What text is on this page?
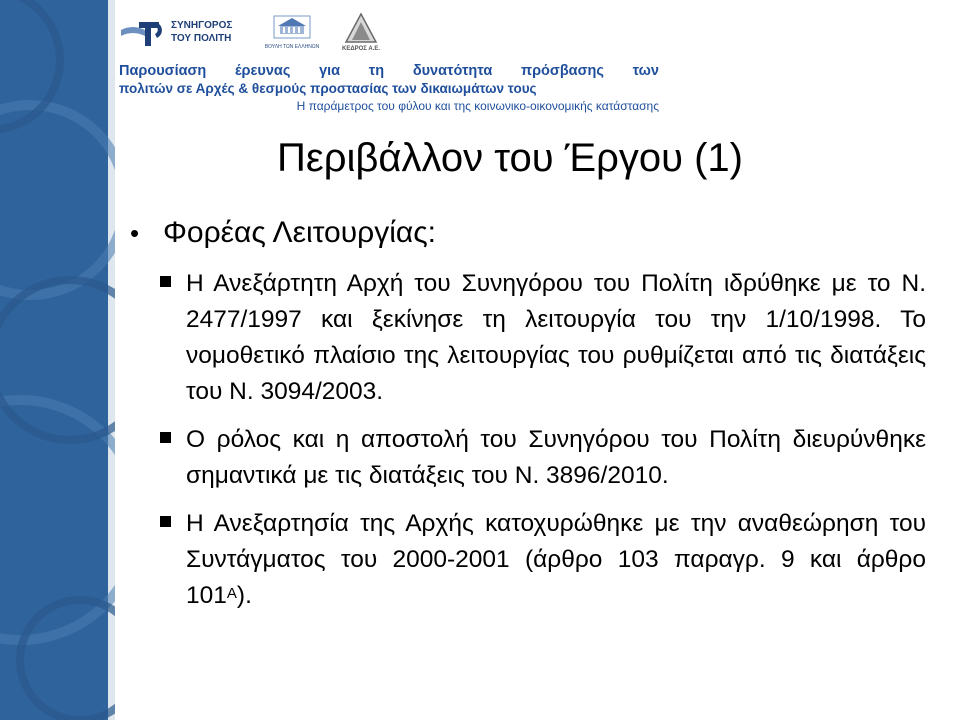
ΣΥΝΗΓΟΡΟΣ
ΤΟΥ ΠΟΛΙΤΗ
ΒΟΥΛΗ ΤΩΝ ΕΛΛΗΝΩΝ	ΚΕΔΡΟΣ Α.Ε.
Παρουσίαση έρευνας για τη δυνατότητα πρόσβασης των
πολιτών σε Αρχές & θεσμούς προστασίας των δικαιωμάτων τους
Η παράμετρος του φύλου και της κοινωνικο-οικονομικής κατάστασης
Περιβάλλον του Έργου (1)
• Φορέας Λειτουργίας:

Η Ανεξάρτητη Αρχή του Συνηγόρου του Πολίτη ιδρύθηκε με το Ν. 2477/1997 και ξεκίνησε τη λειτουργία του την 1/10/1998. Το νομοθετικό πλαίσιο της λειτουργίας του ρυθμίζεται από τις διατάξεις του Ν. 3094/2003.

Ο ρόλος και η αποστολή του Συνηγόρου του Πολίτη διευρύνθηκε σημαντικά με τις διατάξεις του Ν. 3896/2010.

Η Ανεξαρτησία της Αρχής κατοχυρώθηκε με την αναθεώρηση του Συντάγματος του 2000-2001 (άρθρο 103 παραγρ. 9 και άρθρο $101^A$).
